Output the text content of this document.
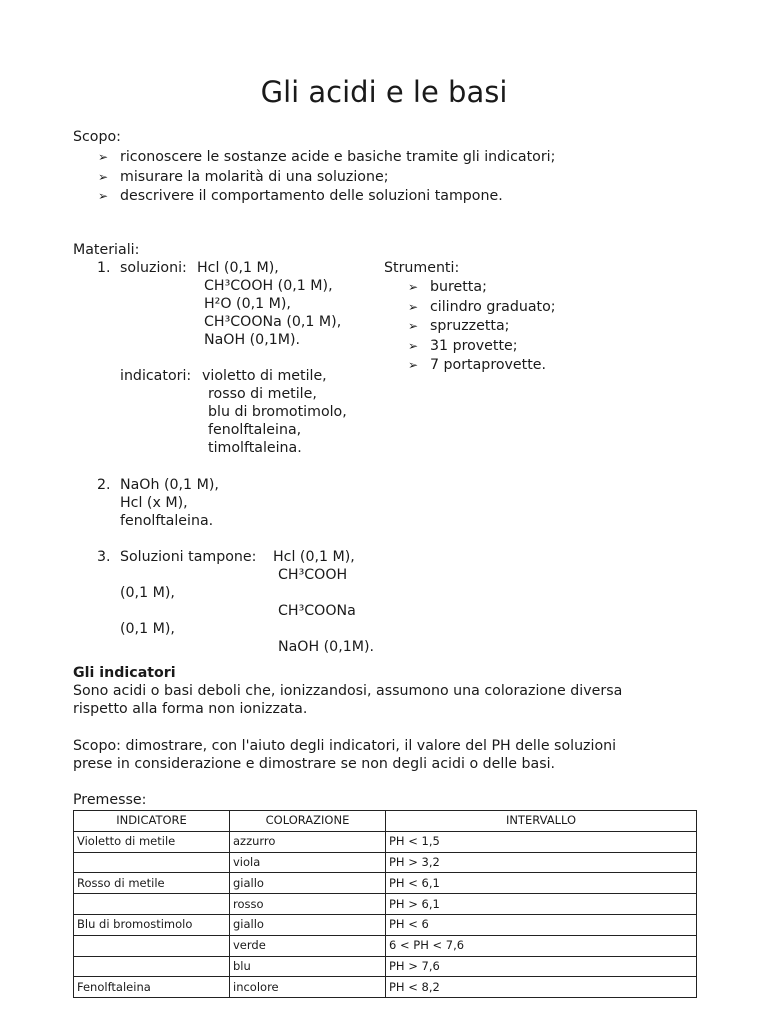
Gli acidi e le basi
Scopo:
➢ riconoscere le sostanze acide e basiche tramite gli indicatori;
➢ misurare la molarità di una soluzione;
➢ descrivere il comportamento delle soluzioni tampone.
Materiali:
1. soluzioni: Hcl (0,1 M),
CH³COOH (0,1 M),
H²O (0,1 M),
CH³COONa (0,1 M),
NaOH (0,1M).
indicatori: violetto di metile,
rosso di metile,
blu di bromotimolo,
fenolftaleina,
timolftaleina.
Strumenti:
➢ buretta;
➢ cilindro graduato;
➢ spruzzetta;
➢ 31 provette;
➢ 7 portaprovette.
2. NaOh (0,1 M),
Hcl (x M),
fenolftaleina.
3. Soluzioni tampone: Hcl (0,1 M),
CH³COOH
(0,1 M),
CH³COONa
(0,1 M),
NaOH (0,1M).
Gli indicatori
Sono acidi o basi deboli che, ionizzandosi, assumono una colorazione diversa
rispetto alla forma non ionizzata.
Scopo: dimostrare, con l'aiuto degli indicatori, il valore del PH delle soluzioni
prese in considerazione e dimostrare se non degli acidi o delle basi.
Premesse:
INDICATORE	COLORAZIONE	INTERVALLO
Violetto di metile	azzurro	PH < 1,5
	viola	PH > 3,2
Rosso di metile	giallo	PH < 6,1
	rosso	PH > 6,1
Blu di bromostimolo	giallo	PH < 6
	verde	6 < PH < 7,6
	blu	PH > 7,6
Fenolftaleina	incolore	PH < 8,2
